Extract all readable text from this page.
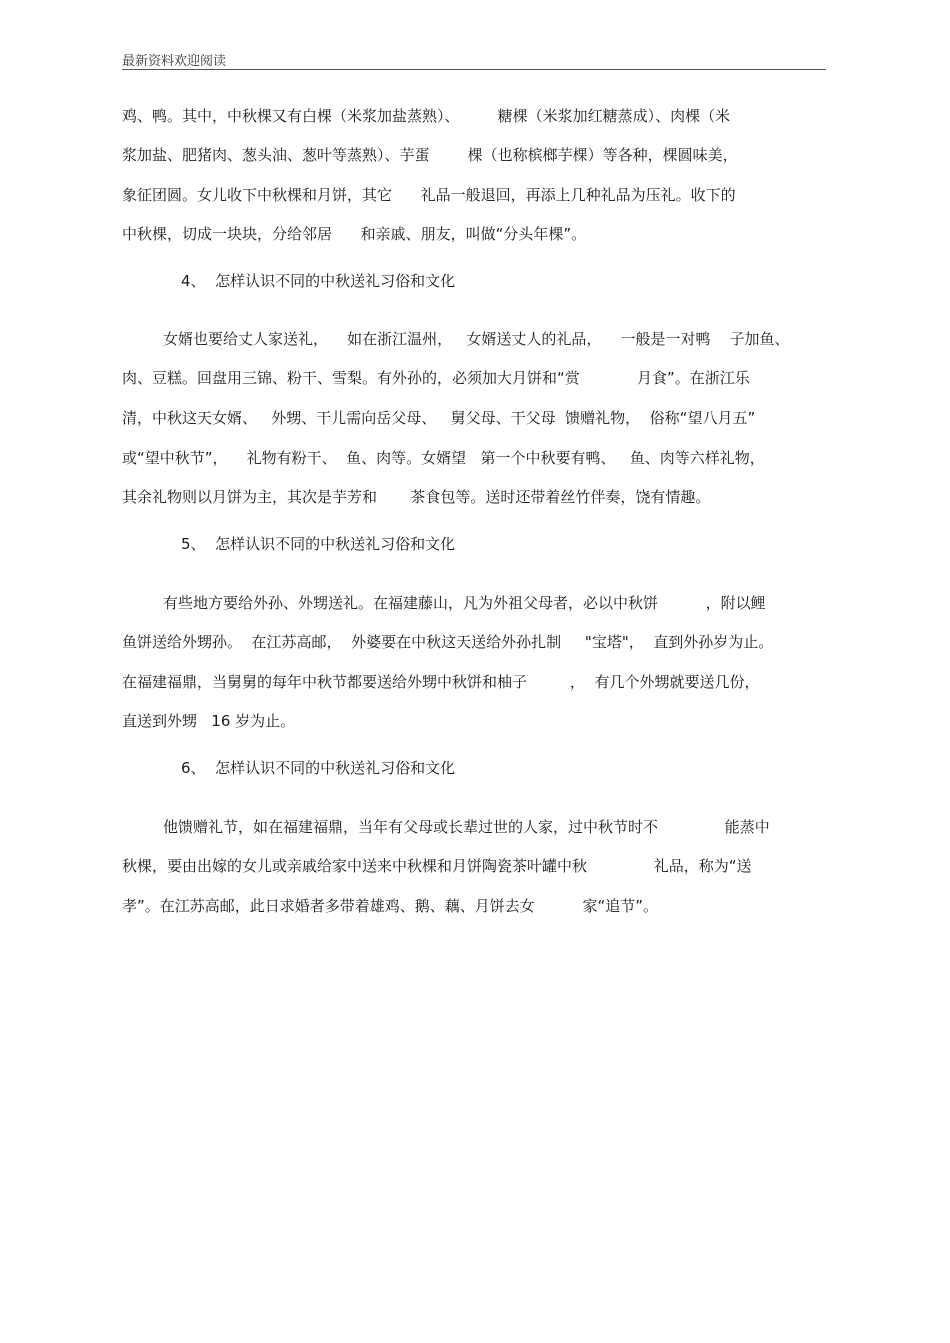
最新资料欢迎阅读
鸡、鸭。其中，中秋棵又有白棵（米浆加盐蒸熟）、        糖棵（米浆加红糖蒸成）、肉棵（米
浆加盐、肥猪肉、葱头油、葱叶等蒸熟）、芋蛋        棵（也称槟榔芋棵）等各种，棵圆味美，
象征团圆。女儿收下中秋棵和月饼，其它      礼品一般退回，再添上几种礼品为压礼。收下的
中秋棵，切成一块块，分给邻居      和亲戚、朋友，叫做“分头年棵”。
4、  怎样认识不同的中秋送礼习俗和文化
女婿也要给丈人家送礼，    如在浙江温州，   女婿送丈人的礼品，    一般是一对鸭    子加鱼、
肉、豆糕。回盘用三锦、粉干、雪梨。有外孙的，必须加大月饼和“赏            月食”。在浙江乐
清，中秋这天女婿、   外甥、干儿需向岳父母、   舅父母、干父母  馈赠礼物，  俗称“望八月五”
或“望中秋节”，    礼物有粉干、  鱼、肉等。女婿望   第一个中秋要有鸭、   鱼、肉等六样礼物，
其余礼物则以月饼为主，其次是芋芳和       茶食包等。送时还带着丝竹伴奏，饶有情趣。
5、  怎样认识不同的中秋送礼习俗和文化
有些地方要给外孙、外甥送礼。在福建藤山，凡为外祖父母者，必以中秋饼          ，附以鲤
鱼饼送给外甥孙。  在江苏高邮，  外婆要在中秋这天送给外孙扎制     "宝塔"，  直到外孙岁为止。
在福建福鼎，当舅舅的每年中秋节都要送给外甥中秋饼和柚子         ，  有几个外甥就要送几份，
直送到外甥   16 岁为止。
6、  怎样认识不同的中秋送礼习俗和文化
他馈赠礼节，如在福建福鼎，当年有父母或长辈过世的人家，过中秋节时不              能蒸中
秋棵，要由出嫁的女儿或亲戚给家中送来中秋棵和月饼陶瓷茶叶罐中秋              礼品，称为“送
孝”。在江苏高邮，此日求婚者多带着雄鸡、鹅、藕、月饼去女          家“追节”。
